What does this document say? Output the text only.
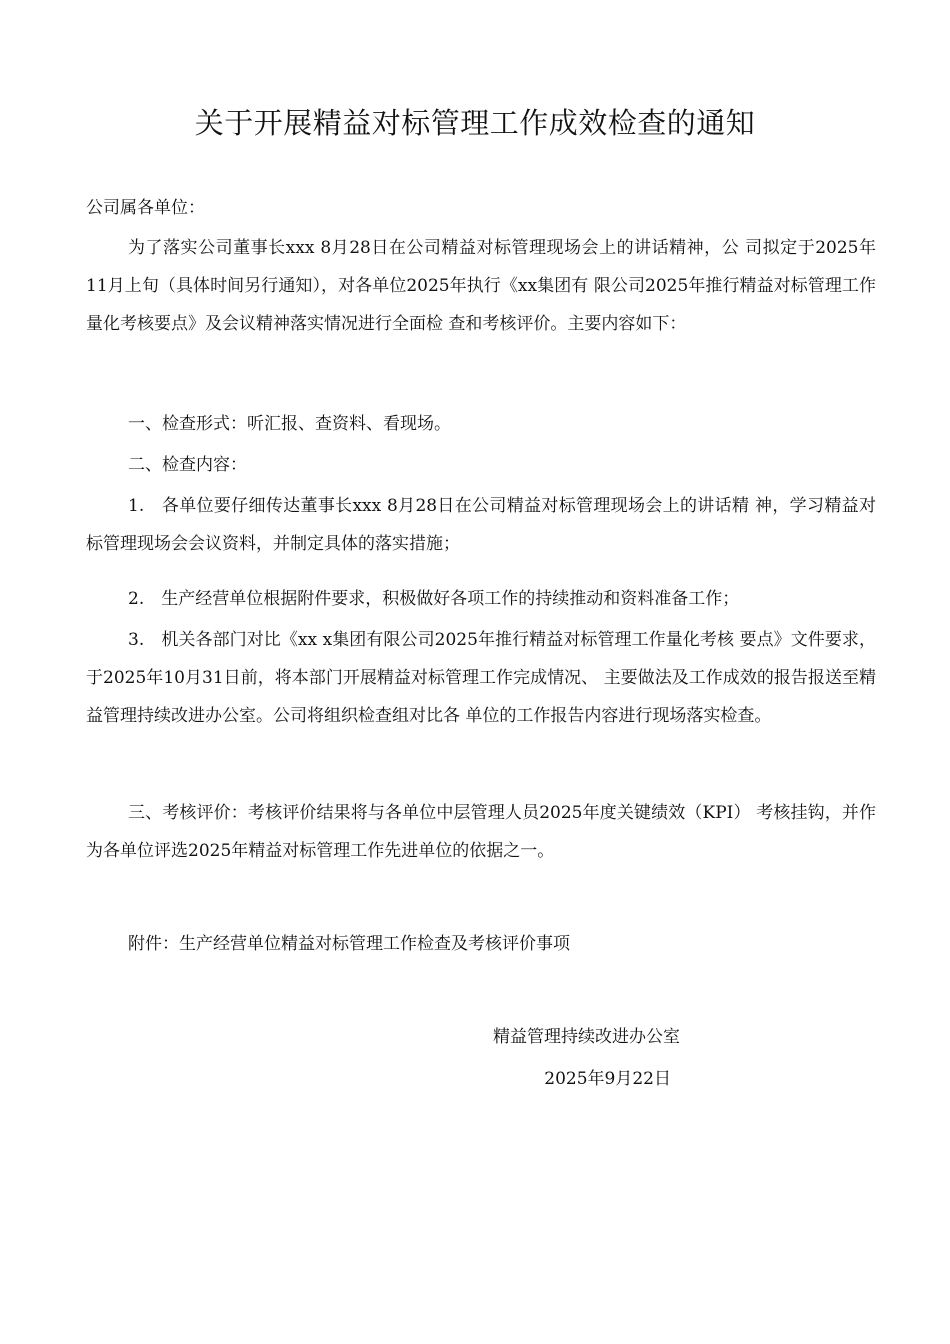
关于开展精益对标管理工作成效检查的通知
公司属各单位：
为了落实公司董事长xxx 8月28日在公司精益对标管理现场会上的讲话精神，公 司拟定于2025年11月上旬（具体时间另行通知），对各单位2025年执行《xx集团有 限公司2025年推行精益对标管理工作量化考核要点》及会议精神落实情况进行全面检 查和考核评价。主要内容如下：
一、检查形式：听汇报、查资料、看现场。
二、检查内容：
1.　各单位要仔细传达董事长xxx 8月28日在公司精益对标管理现场会上的讲话精 神，学习精益对标管理现场会会议资料，并制定具体的落实措施；
2.　生产经营单位根据附件要求，积极做好各项工作的持续推动和资料准备工作；
3.　机关各部门对比《xx x集团有限公司2025年推行精益对标管理工作量化考核 要点》文件要求，于2025年10月31日前，将本部门开展精益对标管理工作完成情况、 主要做法及工作成效的报告报送至精益管理持续改进办公室。公司将组织检查组对比各 单位的工作报告内容进行现场落实检查。
三、考核评价：考核评价结果将与各单位中层管理人员2025年度关键绩效（KPI） 考核挂钩，并作为各单位评选2025年精益对标管理工作先进单位的依据之一。
附件：生产经营单位精益对标管理工作检查及考核评价事项
精益管理持续改进办公室
2025年9月22日
